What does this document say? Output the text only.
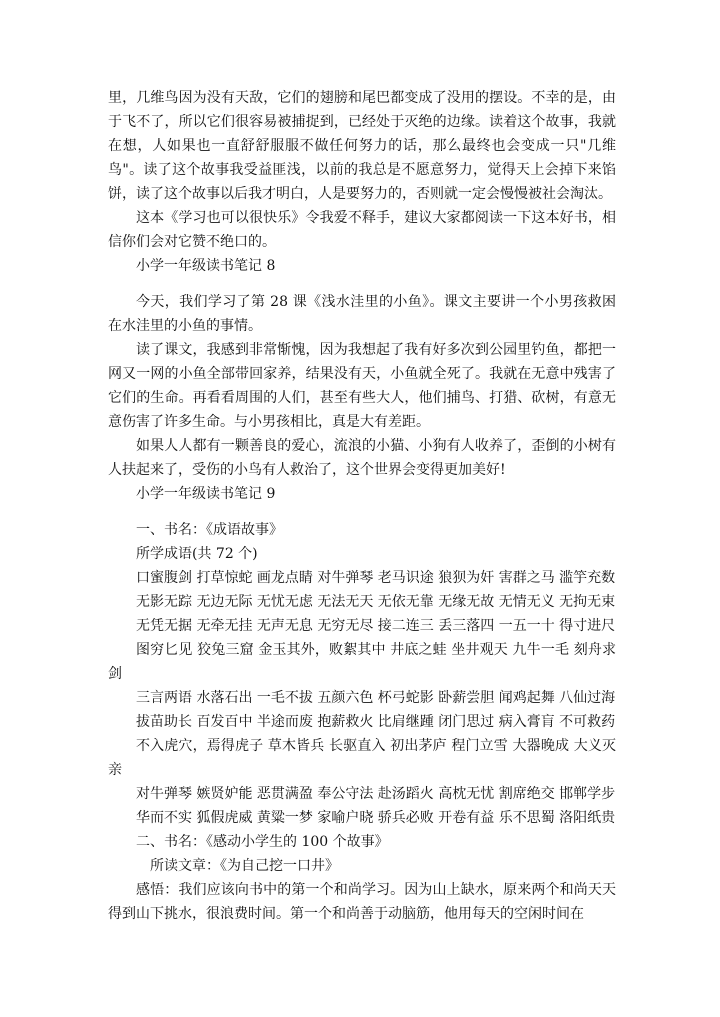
里，几维鸟因为没有天敌，它们的翅膀和尾巴都变成了没用的摆设。不幸的是，由于飞不了，所以它们很容易被捕捉到，已经处于灭绝的边缘。读着这个故事，我就在想，人如果也一直舒舒服服不做任何努力的话，那么最终也会变成一只"几维鸟"。读了这个故事我受益匪浅，以前的我总是不愿意努力，觉得天上会掉下来馅饼，读了这个故事以后我才明白，人是要努力的，否则就一定会慢慢被社会淘汰。

这本《学习也可以很快乐》令我爱不释手，建议大家都阅读一下这本好书，相信你们会对它赞不绝口的。

小学一年级读书笔记 8

今天，我们学习了第 28 课《浅水洼里的小鱼》。课文主要讲一个小男孩救困在水洼里的小鱼的事情。

读了课文，我感到非常惭愧，因为我想起了我有好多次到公园里钓鱼，都把一网又一网的小鱼全部带回家养，结果没有天，小鱼就全死了。我就在无意中残害了它们的生命。再看看周围的人们，甚至有些大人，他们捕鸟、打猎、砍树，有意无意伤害了许多生命。与小男孩相比，真是大有差距。

如果人人都有一颗善良的爱心，流浪的小猫、小狗有人收养了，歪倒的小树有人扶起来了，受伤的小鸟有人救治了，这个世界会变得更加美好!

小学一年级读书笔记 9

一、书名：《成语故事》

所学成语(共 72 个)

口蜜腹剑 打草惊蛇 画龙点睛 对牛弹琴 老马识途 狼狈为奸 害群之马 滥竽充数

无影无踪 无边无际 无忧无虑 无法无天 无依无靠 无缘无故 无情无义 无拘无束

无凭无据 无牵无挂 无声无息 无穷无尽 接二连三 丢三落四 一五一十 得寸进尺

图穷匕见 狡兔三窟 金玉其外，败絮其中 井底之蛙 坐井观天 九牛一毛 刻舟求剑

三言两语 水落石出 一毛不拔 五颜六色 杯弓蛇影 卧薪尝胆 闻鸡起舞 八仙过海

拔苗助长 百发百中 半途而废 抱薪救火 比肩继踵 闭门思过 病入膏肓 不可救药

不入虎穴，焉得虎子 草木皆兵 长驱直入 初出茅庐 程门立雪 大器晚成 大义灭亲

对牛弹琴 嫉贤妒能 恶贯满盈 奉公守法 赴汤蹈火 高枕无忧 割席绝交 邯郸学步

华而不实 狐假虎威 黄粱一梦 家喻户晓 骄兵必败 开卷有益 乐不思蜀 洛阳纸贵

二、书名：《感动小学生的 100 个故事》

所读文章：《为自己挖一口井》

感悟：我们应该向书中的第一个和尚学习。因为山上缺水，原来两个和尚天天得到山下挑水，很浪费时间。第一个和尚善于动脑筋，他用每天的空闲时间在
